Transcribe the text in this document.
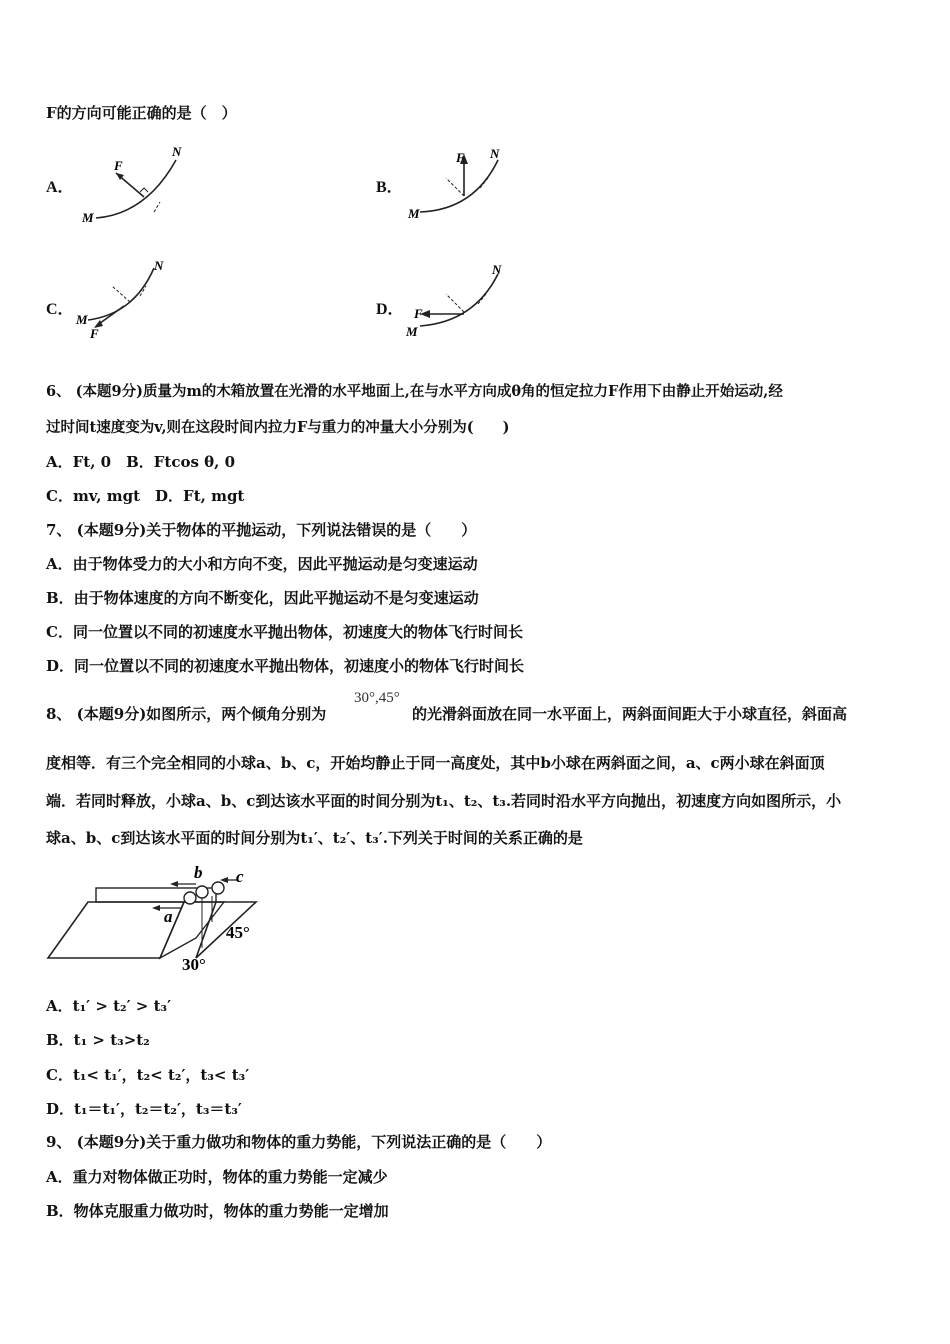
F的方向可能正确的是（　）
A．
F
M
N
B．
F
M
N
C．
F
M
N
D． F
M
N
6、 (本题9分)质量为m的木箱放置在光滑的水平地面上,在与水平方向成θ角的恒定拉力F作用下由静止开始运动,经
过时间t速度变为v,则在这段时间内拉力F与重力的冲量大小分别为(　　)
A．Ft, 0　B．Ftcos θ, 0
C．mv, mgt　D．Ft, mgt
7、 (本题9分)关于物体的平抛运动，下列说法错误的是（　　）
A．由于物体受力的大小和方向不变，因此平抛运动是匀变速运动
B．由于物体速度的方向不断变化，因此平抛运动不是匀变速运动
C．同一位置以不同的初速度水平抛出物体，初速度大的物体飞行时间长
D．同一位置以不同的初速度水平抛出物体，初速度小的物体飞行时间长
8、 (本题9分)如图所示，两个倾角分别为
30°,45°
的光滑斜面放在同一水平面上，两斜面间距大于小球直径，斜面高
度相等．有三个完全相同的小球a、b、c，开始均静止于同一高度处，其中b小球在两斜面之间，a、c两小球在斜面顶
端．若同时释放，小球a、b、c到达该水平面的时间分别为t₁、t₂、t₃.若同时沿水平方向抛出，初速度方向如图所示，小
球a、b、c到达该水平面的时间分别为t₁′、t₂′、t₃′.下列关于时间的关系正确的是
a
b c
30°
45°
A．t₁′ > t₂′ > t₃′
B．t₁ > t₃>t₂
C．t₁< t₁′，t₂< t₂′，t₃< t₃′
D．t₁＝t₁′，t₂＝t₂′，t₃＝t₃′
9、 (本题9分)关于重力做功和物体的重力势能，下列说法正确的是（　　）
A．重力对物体做正功时，物体的重力势能一定减少
B．物体克服重力做功时，物体的重力势能一定增加
